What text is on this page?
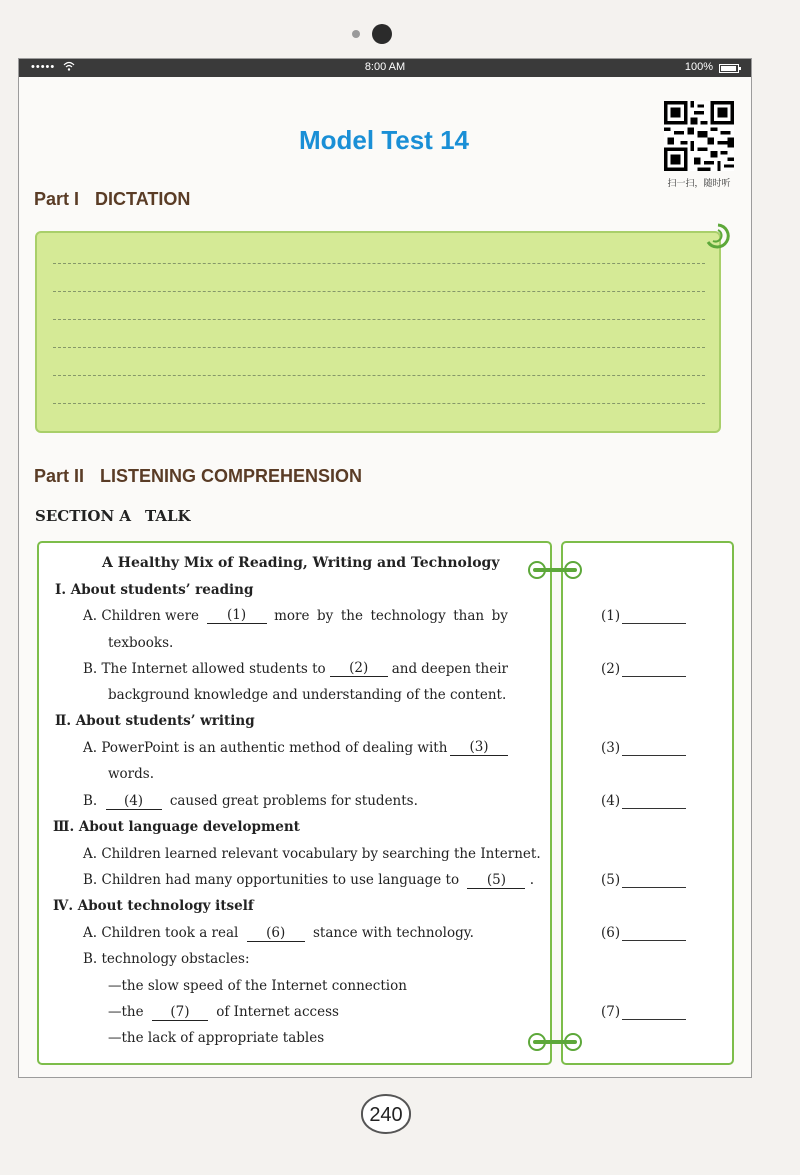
•••••	8:00 AM	100%
Model Test 14
扫一扫，随时听
Part I DICTATION
Part II LISTENING COMPREHENSION
SECTION A TALK
A Healthy Mix of Reading, Writing and Technology
Ⅰ. About students’ reading
A. Children were	(1)	more by the technology than by
texbooks.
B. The Internet allowed students to	(2)	and deepen their
background knowledge and understanding of the content.
Ⅱ. About students’ writing
A. PowerPoint is an authentic method of dealing with	(3)
words.
B. (4) caused great problems for students.
Ⅲ. About language development
A. Children learned relevant vocabulary by searching the Internet.
B. Children had many opportunities to use language to (5) .
Ⅳ. About technology itself
A. Children took a real (6) stance with technology.
B. technology obstacles:
—the slow speed of the Internet connection
—the (7) of Internet access
—the lack of appropriate tables
(1)
(2)
(3)
(4)
(5)
(6)
(7)
240
